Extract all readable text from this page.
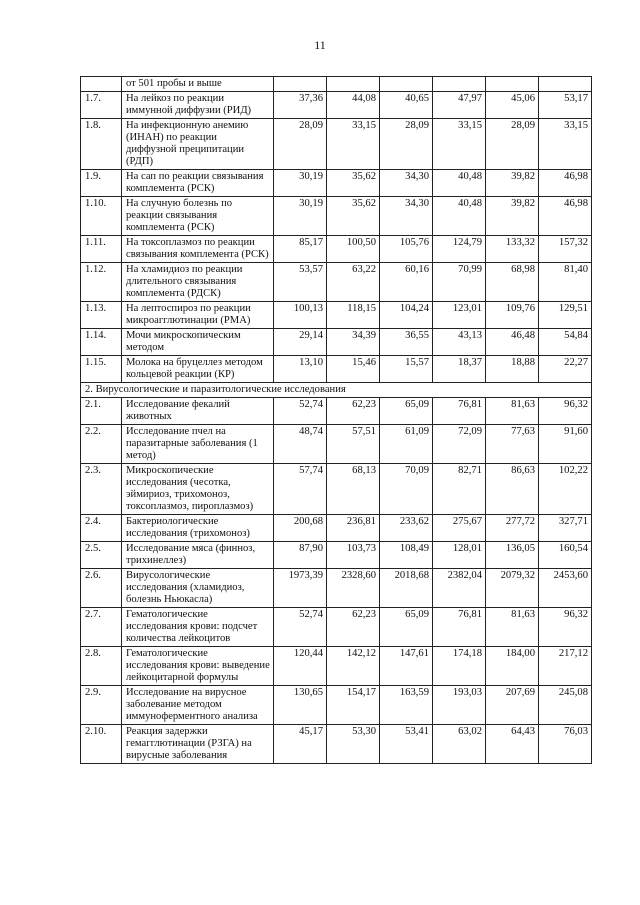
11
	от 501 пробы и выше						
1.7.	На лейкоз по реакции иммунной диффузии (РИД)	37,36	44,08	40,65	47,97	45,06	53,17
1.8.	На инфекционную анемию (ИНАН) по реакции диффузной преципитации (РДП)	28,09	33,15	28,09	33,15	28,09	33,15
1.9.	На сап по реакции связывания комплемента (РСК)	30,19	35,62	34,30	40,48	39,82	46,98
1.10.	На случную болезнь по реакции связывания комплемента (РСК)	30,19	35,62	34,30	40,48	39,82	46,98
1.11.	На токсоплазмоз по реакции связывания комплемента (РСК)	85,17	100,50	105,76	124,79	133,32	157,32
1.12.	На хламидиоз по реакции длительного связывания комплемента (РДСК)	53,57	63,22	60,16	70,99	68,98	81,40
1.13.	На лептоспироз по реакции микроагглютинации (РМА)	100,13	118,15	104,24	123,01	109,76	129,51
1.14.	Мочи микроскопическим методом	29,14	34,39	36,55	43,13	46,48	54,84
1.15.	Молока на бруцеллез методом кольцевой реакции (КР)	13,10	15,46	15,57	18,37	18,88	22,27
2. Вирусологические и паразитологические исследования							
2.1.	Исследование фекалий животных	52,74	62,23	65,09	76,81	81,63	96,32
2.2.	Исследование пчел на паразитарные заболевания (1 метод)	48,74	57,51	61,09	72,09	77,63	91,60
2.3.	Микроскопические исследования (чесотка, эймириоз, трихомоноз, токсоплазмоз, пироплазмоз)	57,74	68,13	70,09	82,71	86,63	102,22
2.4.	Бактериологические исследования (трихомоноз)	200,68	236,81	233,62	275,67	277,72	327,71
2.5.	Исследование мяса (финноз, трихинеллез)	87,90	103,73	108,49	128,01	136,05	160,54
2.6.	Вирусологические исследования (хламидиоз, болезнь Ньюкасла)	1973,39	2328,60	2018,68	2382,04	2079,32	2453,60
2.7.	Гематологические исследования крови: подсчет количества лейкоцитов	52,74	62,23	65,09	76,81	81,63	96,32
2.8.	Гематологические исследования крови: выведение лейкоцитарной формулы	120,44	142,12	147,61	174,18	184,00	217,12
2.9.	Исследование на вирусное заболевание методом иммуноферментного анализа	130,65	154,17	163,59	193,03	207,69	245,08
2.10.	Реакция задержки гемагглютинации (РЗГА) на вирусные заболевания	45,17	53,30	53,41	63,02	64,43	76,03
